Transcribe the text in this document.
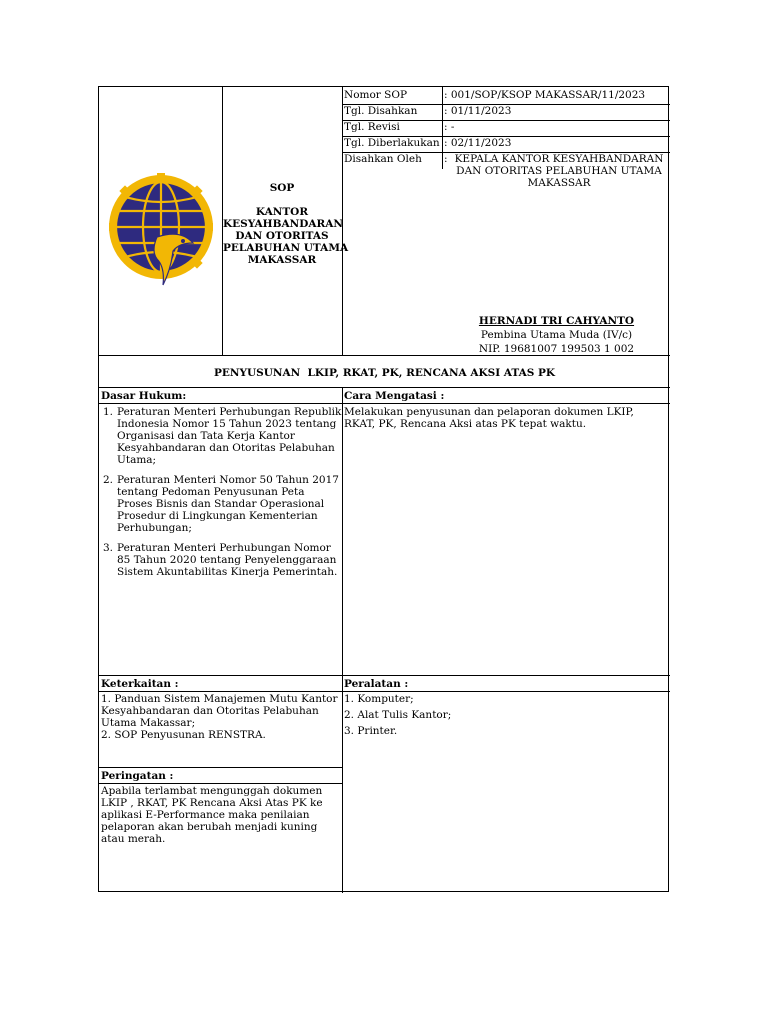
SOP
KANTOR
KESYAHBANDARAN
DAN OTORITAS
PELABUHAN UTAMA
MAKASSAR
Nomor SOP	: 001/SOP/KSOP MAKASSAR/11/2023
Tgl. Disahkan	: 01/11/2023
Tgl. Revisi	: -
Tgl. Diberlakukan : 02/11/2023
Disahkan Oleh : KEPALA KANTOR KESYAHBANDARAN
DAN OTORITAS PELABUHAN UTAMA
MAKASSAR
HERNADI TRI CAHYANTO
Pembina Utama Muda (IV/c)
NIP. 19681007 199503 1 002
PENYUSUNAN  LKIP, RKAT, PK, RENCANA AKSI ATAS PK
Dasar Hukum:
1. Peraturan Menteri Perhubungan Republik
Indonesia Nomor 15 Tahun 2023 tentang
Organisasi dan Tata Kerja Kantor
Kesyahbandaran dan Otoritas Pelabuhan
Utama;
2. Peraturan Menteri Nomor 50 Tahun 2017
tentang Pedoman Penyusunan Peta
Proses Bisnis dan Standar Operasional
Prosedur di Lingkungan Kementerian
Perhubungan;
3. Peraturan Menteri Perhubungan Nomor
85 Tahun 2020 tentang Penyelenggaraan
Sistem Akuntabilitas Kinerja Pemerintah.
Cara Mengatasi :
Melakukan penyusunan dan pelaporan dokumen LKIP,
RKAT, PK, Rencana Aksi atas PK tepat waktu.
Keterkaitan :
1. Panduan Sistem Manajemen Mutu Kantor
Kesyahbandaran dan Otoritas Pelabuhan
Utama Makassar;
2. SOP Penyusunan RENSTRA.
Peralatan :
1. Komputer;
2. Alat Tulis Kantor;
3. Printer.
Peringatan :
Apabila terlambat mengunggah dokumen
LKIP , RKAT, PK Rencana Aksi Atas PK ke
aplikasi E-Performance maka penilaian
pelaporan akan berubah menjadi kuning
atau merah.
